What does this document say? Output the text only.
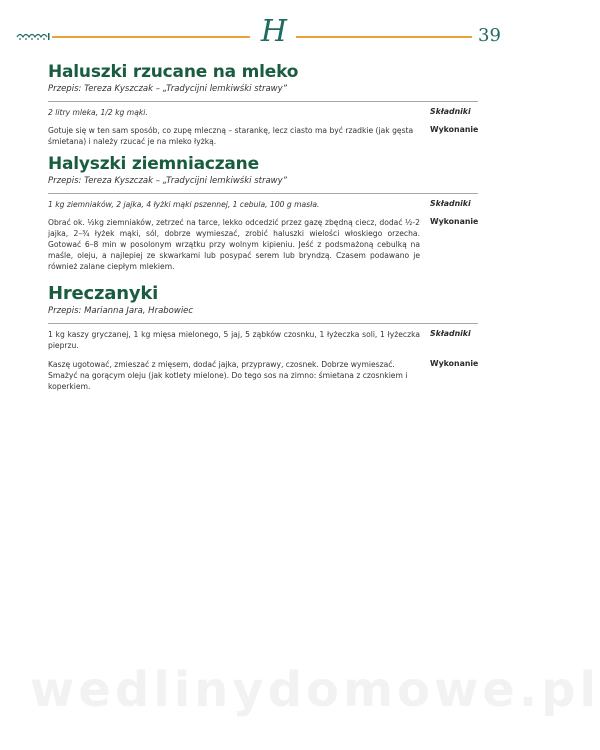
H	39
Haluszki rzucane na mleko
Przepis: Tereza Kyszczak – „Tradycijni lemkiwśki strawy”
2 litry mleka, 1/2 kg mąki.	Składniki
Gotuje się w ten sam sposób, co zupę mleczną – starankę, lecz ciasto ma być rzadkie (jak gęsta śmietana) i należy rzucać je na mleko łyżką.
Wykonanie
Halyszki ziemniaczane
Przepis: Tereza Kyszczak – „Tradycijni lemkiwśki strawy”
1 kg ziemniaków, 2 jajka, 4 łyżki mąki pszennej, 1 cebula, 100 g masła.	Składniki
Obrać ok. ½kg ziemniaków, zetrzeć na tarce, lekko odcedzić przez gazę zbędną ciecz, dodać ½-2 jajka, 2–¾ łyżek mąki, sól, dobrze wymieszać, zrobić haluszki wielości włoskiego orzecha. Gotować 6–8 min w posolonym wrzątku przy wolnym kipieniu. Jeść z podsmażoną cebulką na maśle, oleju, a najlepiej ze skwarkami lub posypać serem lub bryndzą. Czasem podawano je również zalane ciepłym mlekiem.
Wykonanie
Hreczanyki
Przepis: Marianna Jara, Hrabowiec
1 kg kaszy gryczanej, 1 kg mięsa mielonego, 5 jaj, 5 ząbków czosnku, 1 łyżeczka soli, 1 łyżeczka pieprzu.
Składniki
Kaszę ugotować, zmieszać z mięsem, dodać jajka, przyprawy, czosnek. Dobrze wymieszać. Smażyć na gorącym oleju (jak kotlety mielone). Do tego sos na zimno: śmietana z czosnkiem i koperkiem.
Wykonanie
wedlinydomowe.pl
